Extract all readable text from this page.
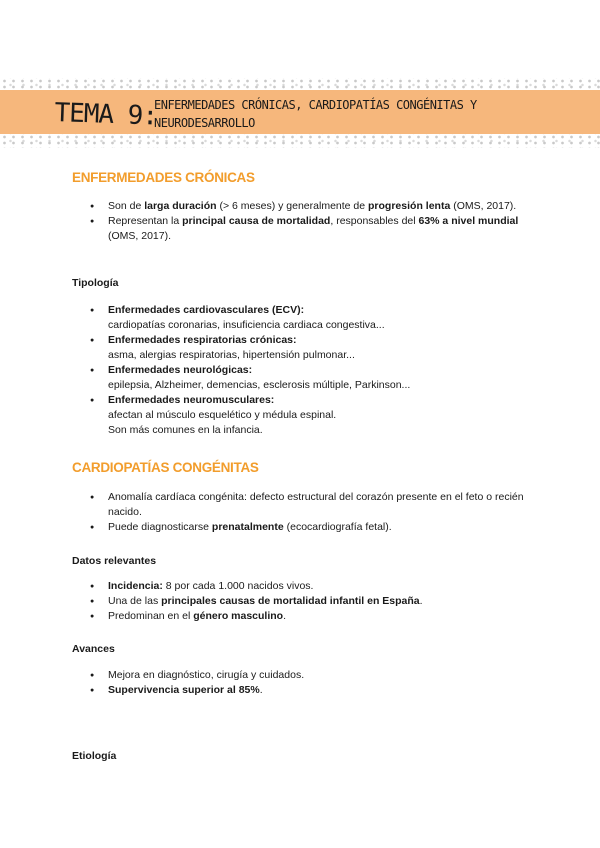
TEMA 9:
ENFERMEDADES CRÓNICAS, CARDIOPATÍAS CONGÉNITAS Y NEURODESARROLLO
ENFERMEDADES CRÓNICAS
● Son de larga duración (> 6 meses) y generalmente de progresión lenta (OMS, 2017).
● Representan la principal causa de mortalidad, responsables del 63% a nivel mundial (OMS, 2017).
Tipología
● Enfermedades cardiovasculares (ECV):
cardiopatías coronarias, insuficiencia cardiaca congestiva...
● Enfermedades respiratorias crónicas:
asma, alergias respiratorias, hipertensión pulmonar...
● Enfermedades neurológicas:
epilepsia, Alzheimer, demencias, esclerosis múltiple, Parkinson...
● Enfermedades neuromusculares:
afectan al músculo esquelético y médula espinal.
Son más comunes en la infancia.
CARDIOPATÍAS CONGÉNITAS
● Anomalía cardíaca congénita: defecto estructural del corazón presente en el feto o recién nacido.
● Puede diagnosticarse prenatalmente (ecocardiografía fetal).
Datos relevantes
● Incidencia: 8 por cada 1.000 nacidos vivos.
● Una de las principales causas de mortalidad infantil en España.
● Predominan en el género masculino.
Avances
● Mejora en diagnóstico, cirugía y cuidados.
● Supervivencia superior al 85%.
Etiología
